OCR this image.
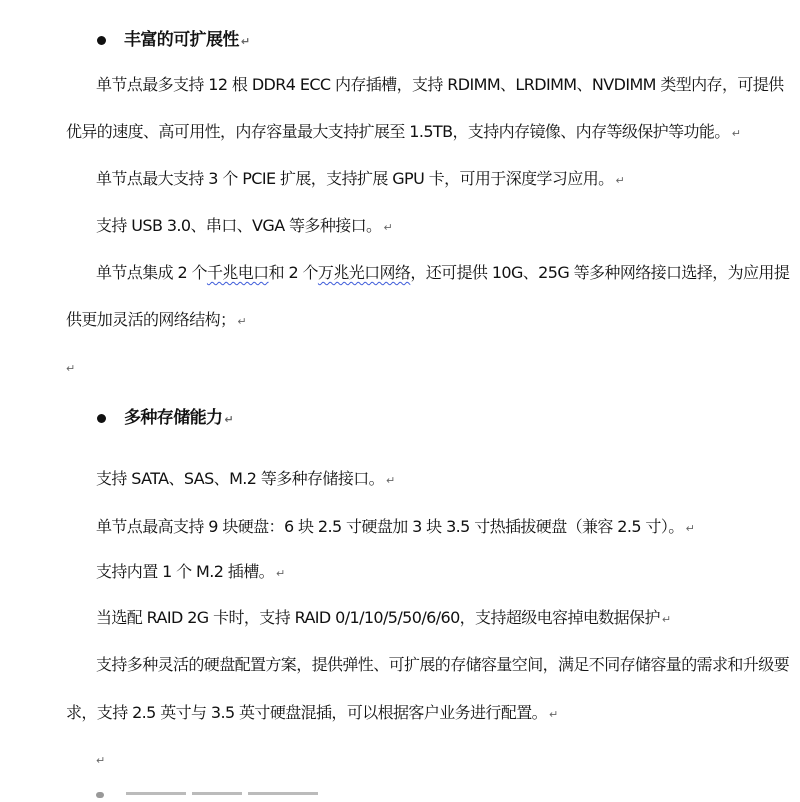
丰富的可扩展性 ↵
单节点最多支持 12 根 DDR4 ECC 内存插槽，支持 RDIMM、LRDIMM、NVDIMM 类型内存，可提供
优异的速度、高可用性，内存容量最大支持扩展至 1.5TB，支持内存镜像、内存等级保护等功能。 ↵
单节点最大支持 3 个 PCIE 扩展，支持扩展 GPU 卡，可用于深度学习应用。 ↵
支持 USB 3.0、串口、VGA 等多种接口。 ↵
单节点集成 2 个千兆电口和 2 个万兆光口网络，还可提供 10G、25G 等多种网络接口选择，为应用提
供更加灵活的网络结构； ↵
↵
多种存储能力 ↵
支持 SATA、SAS、M.2 等多种存储接口。 ↵
单节点最高支持 9 块硬盘：6 块 2.5 寸硬盘加 3 块 3.5 寸热插拔硬盘（兼容 2.5 寸）。 ↵
支持内置 1 个 M.2 插槽。 ↵
当选配 RAID 2G 卡时，支持 RAID 0/1/10/5/50/6/60，支持超级电容掉电数据保护 ↵
支持多种灵活的硬盘配置方案，提供弹性、可扩展的存储容量空间，满足不同存储容量的需求和升级要
求，支持 2.5 英寸与 3.5 英寸硬盘混插，可以根据客户业务进行配置。 ↵
↵
